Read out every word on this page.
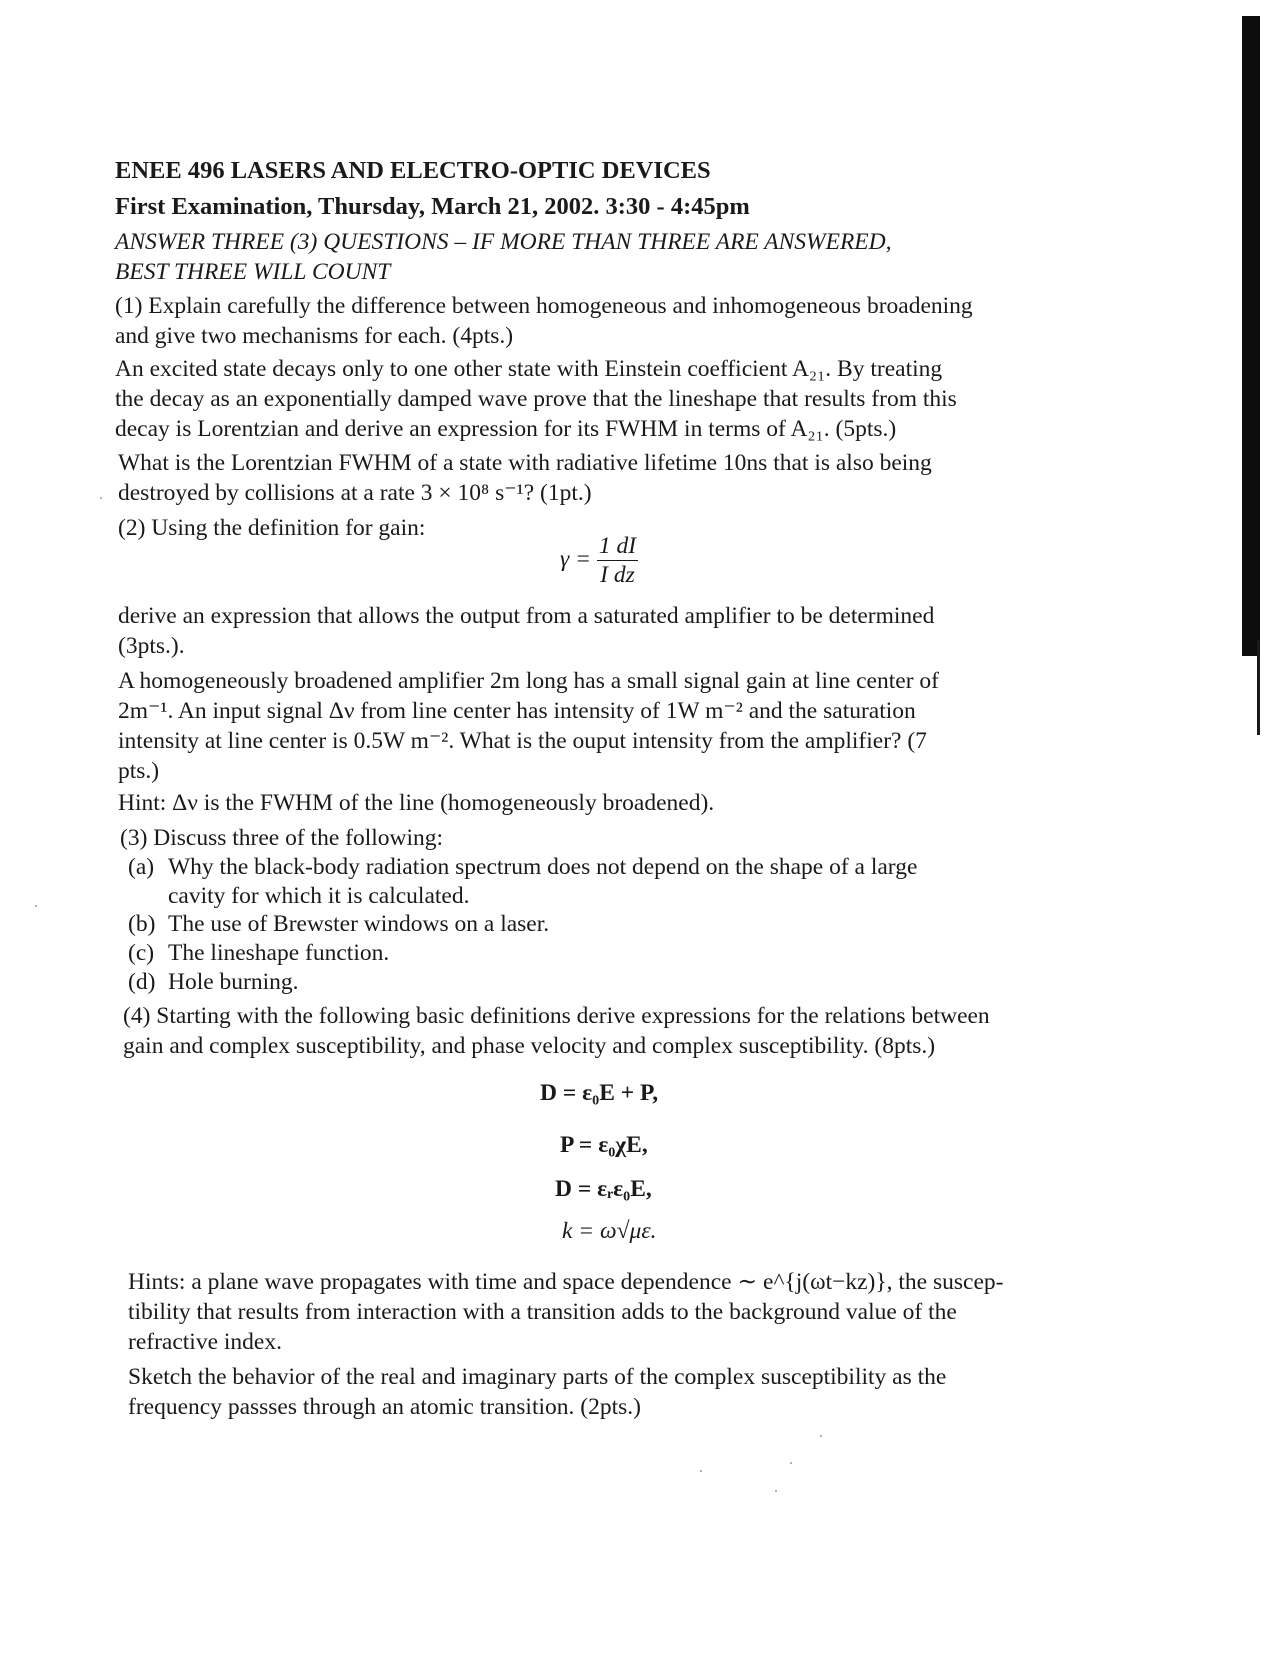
ENEE 496 LASERS AND ELECTRO-OPTIC DEVICES
First Examination, Thursday, March 21, 2002. 3:30 - 4:45pm
ANSWER THREE (3) QUESTIONS – IF MORE THAN THREE ARE ANSWERED,
BEST THREE WILL COUNT
(1) Explain carefully the difference between homogeneous and inhomogeneous broadening
and give two mechanisms for each. (4pts.)
An excited state decays only to one other state with Einstein coefficient A₂₁. By treating
the decay as an exponentially damped wave prove that the lineshape that results from this
decay is Lorentzian and derive an expression for its FWHM in terms of A₂₁. (5pts.)
What is the Lorentzian FWHM of a state with radiative lifetime 10ns that is also being
destroyed by collisions at a rate 3 × 10⁸ s⁻¹? (1pt.)
(2) Using the definition for gain:
$\gamma = \frac{1 dI}{\text{I dz}}$
derive an expression that allows the output from a saturated amplifier to be determined
(3pts.).
A homogeneously broadened amplifier 2m long has a small signal gain at line center of
2m⁻¹. An input signal Δν from line center has intensity of 1W m⁻² and the saturation
intensity at line center is 0.5W m⁻². What is the ouput intensity from the amplifier? (7
pts.)
Hint: Δν is the FWHM of the line (homogeneously broadened).
(3) Discuss three of the following:
(a) Why the black-body radiation spectrum does not depend on the shape of a large
cavity for which it is calculated.
(b) The use of Brewster windows on a laser.
(c) The lineshape function.
(d) Hole burning.
(4) Starting with the following basic definitions derive expressions for the relations between
gain and complex susceptibility, and phase velocity and complex susceptibility. (8pts.)
D = ε₀E + P,
P = ε₀χE,
D = εᵣε₀E,
k = ω√με.
Hints: a plane wave propagates with time and space dependence ∼ e^{j(ωt−kz)}, the suscep-
tibility that results from interaction with a transition adds to the background value of the
refractive index.
Sketch the behavior of the real and imaginary parts of the complex susceptibility as the
frequency passses through an atomic transition. (2pts.)
